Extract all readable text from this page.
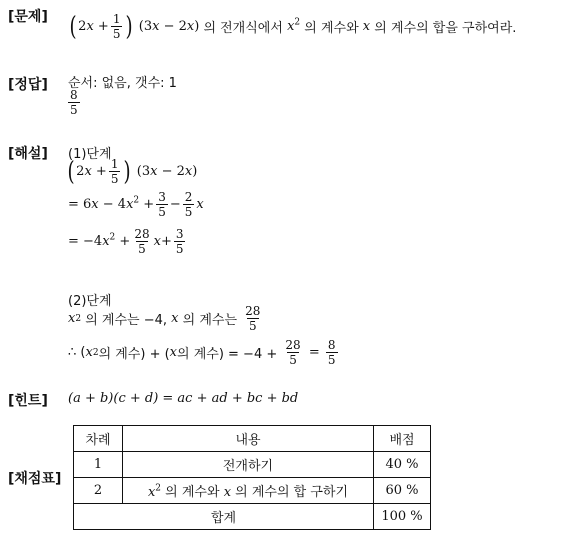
[문제]
[정답]
[해설]
[힌트]
[채점표]
( $2x + \frac{1}{5}$ ) (3x − 2x) 의 전개식에서 $x^2$ 의 계수와 x 의 계수의 합을 구하여라.
순서: 없음, 갯수: 1
$\frac{8}{5}$
(1)단계
( $2x + \frac{1}{5}$ ) (3x − 2x)
= $6x - 4x^2 + \frac{3}{5} - \frac{2}{5}$ x
= $-4x^2 + \frac{28}{5}$ $x + \frac{3}{5}$
(2)단계
x 2
의 계수는 −4, x 의 계수는
$\frac{28}{5}$
∴ ( x 2 의 계수) + ( x 의 계수) = −4 +
$\frac{28}{5}$
=
$\frac{8}{5}$
(a + b)(c + d) = ac + ad + bc + bd
차례	내용	배점
1	전개하기	40 %
2	$x^2$ 의 계수와 x 의 계수의 합 구하기	60 %
합계		100 %
